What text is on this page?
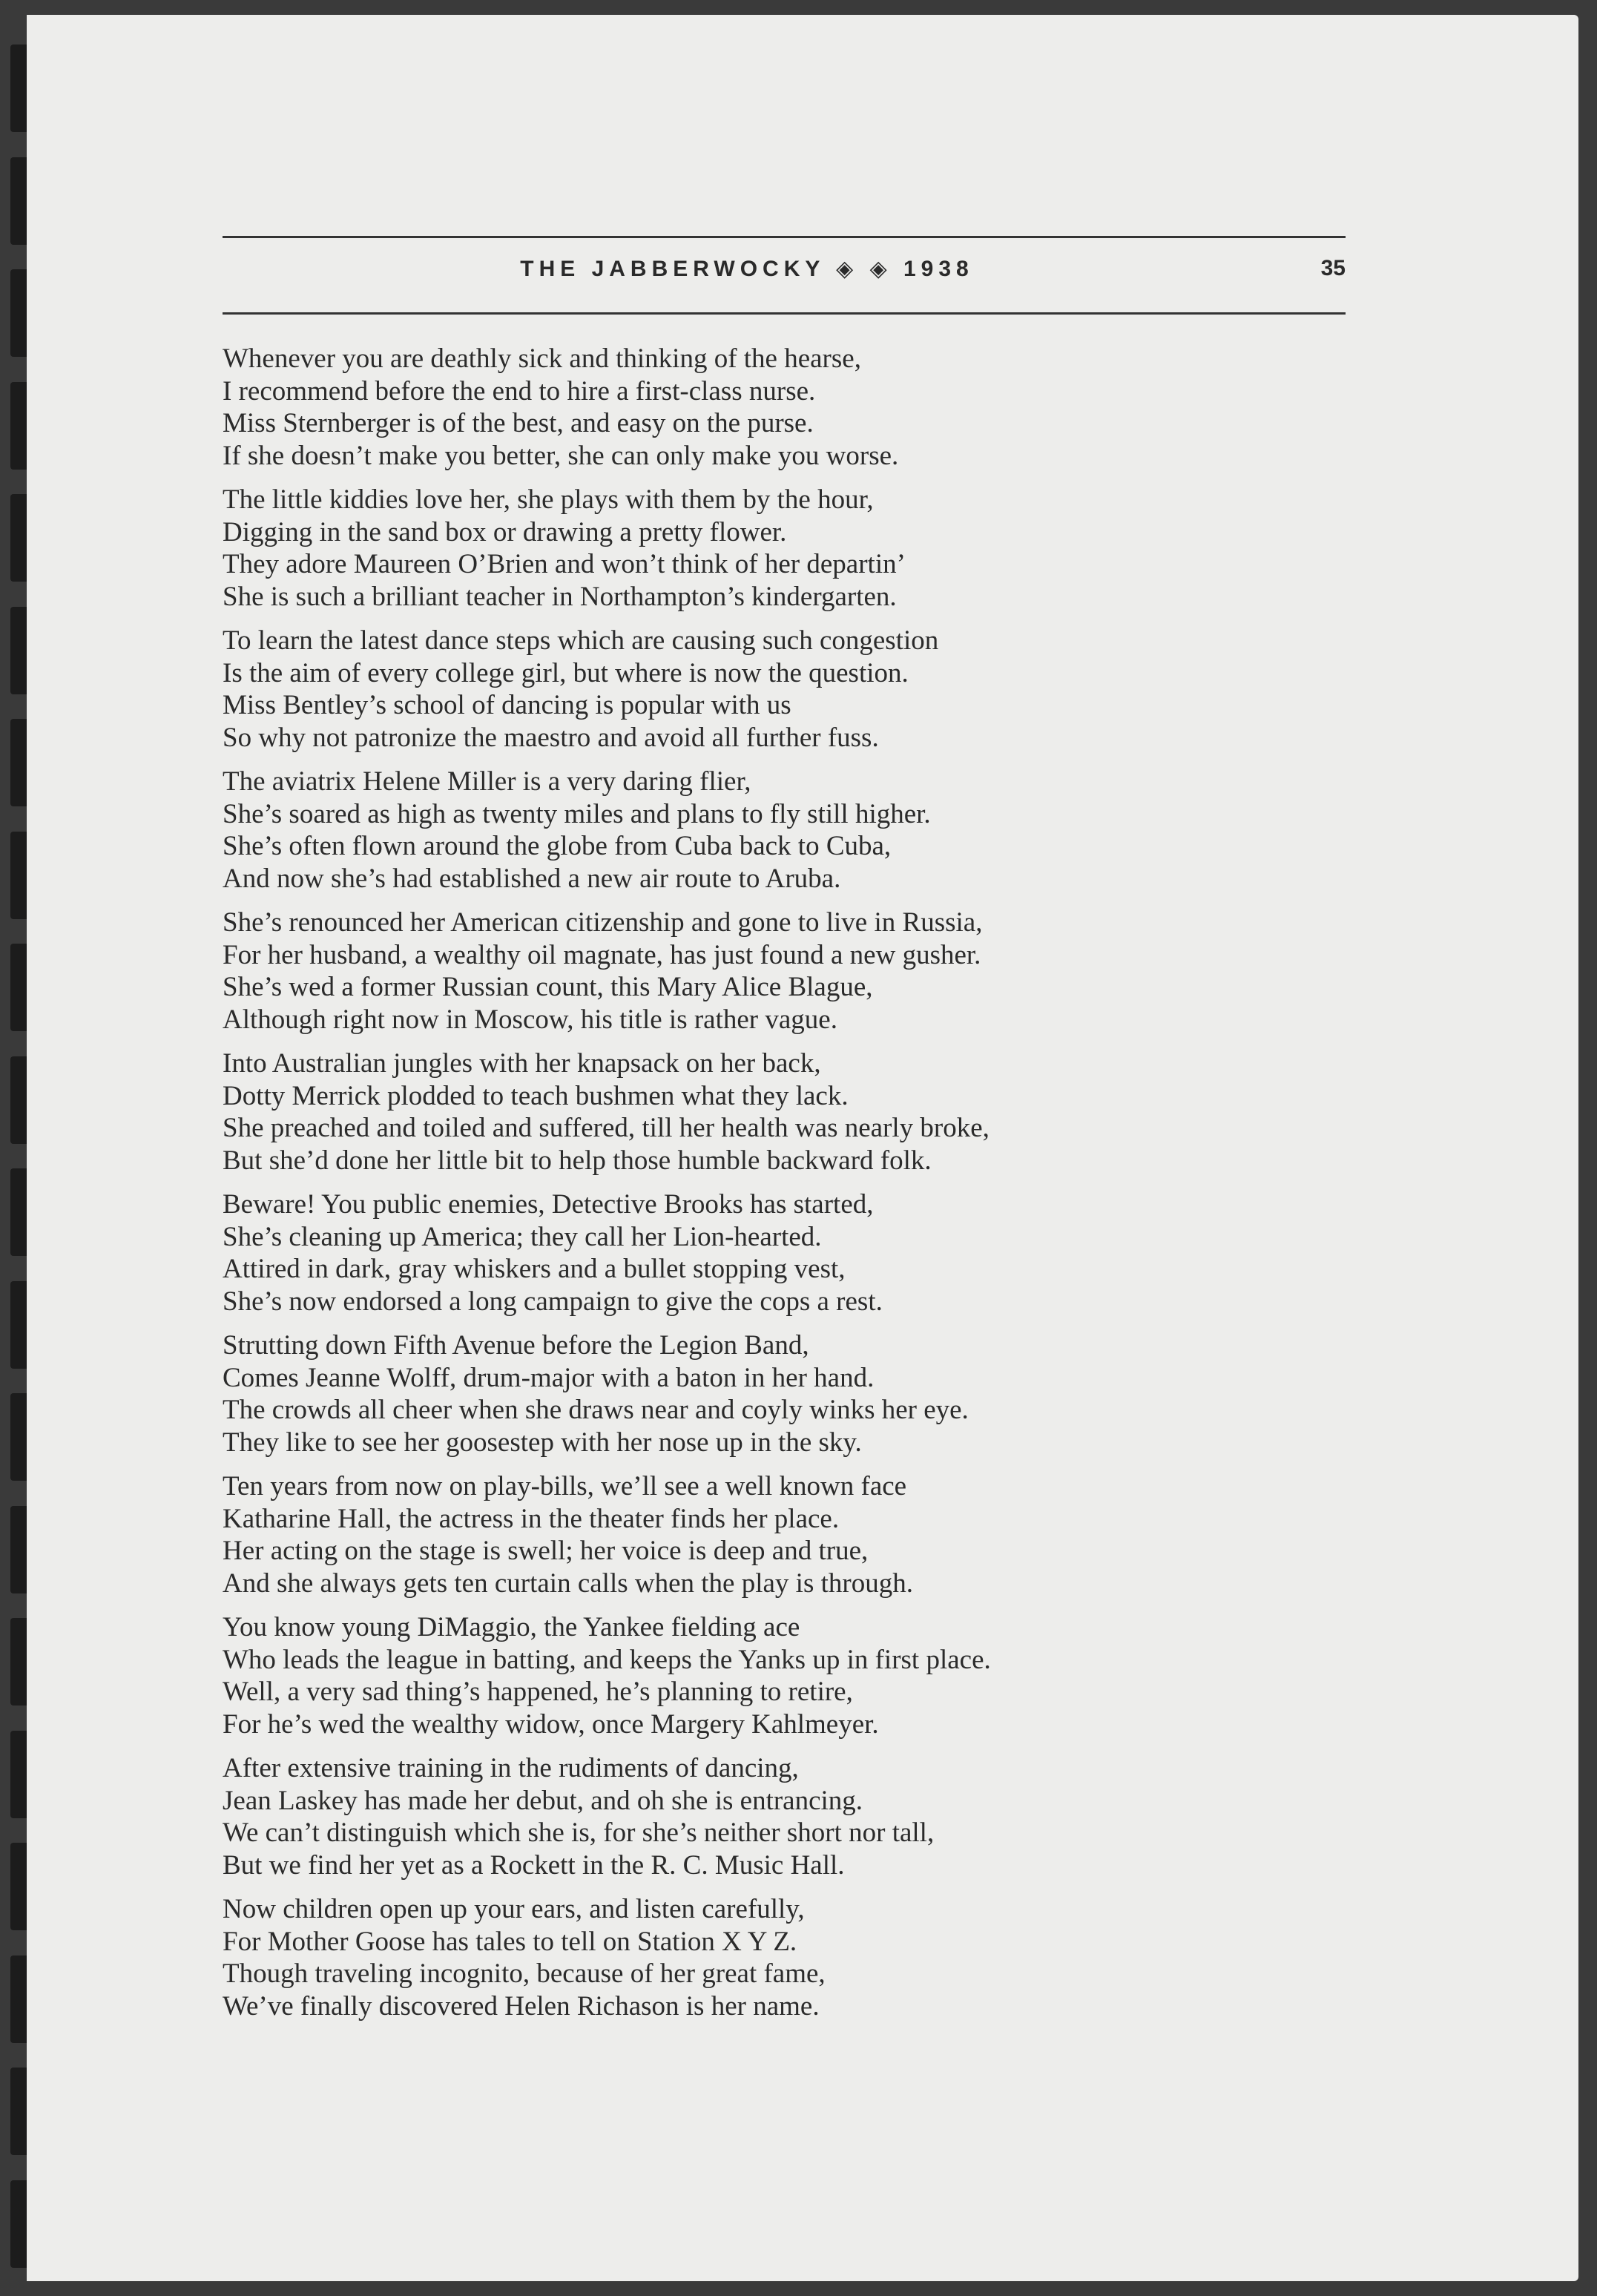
THE JABBERWOCKY ◈ ◈ 1938	35
Whenever you are deathly sick and thinking of the hearse,
I recommend before the end to hire a first-class nurse.
Miss Sternberger is of the best, and easy on the purse.
If she doesn’t make you better, she can only make you worse.
The little kiddies love her, she plays with them by the hour,
Digging in the sand box or drawing a pretty flower.
They adore Maureen O’Brien and won’t think of her departin’
She is such a brilliant teacher in Northampton’s kindergarten.
To learn the latest dance steps which are causing such congestion
Is the aim of every college girl, but where is now the question.
Miss Bentley’s school of dancing is popular with us
So why not patronize the maestro and avoid all further fuss.
The aviatrix Helene Miller is a very daring flier,
She’s soared as high as twenty miles and plans to fly still higher.
She’s often flown around the globe from Cuba back to Cuba,
And now she’s had established a new air route to Aruba.
She’s renounced her American citizenship and gone to live in Russia,
For her husband, a wealthy oil magnate, has just found a new gusher.
She’s wed a former Russian count, this Mary Alice Blague,
Although right now in Moscow, his title is rather vague.
Into Australian jungles with her knapsack on her back,
Dotty Merrick plodded to teach bushmen what they lack.
She preached and toiled and suffered, till her health was nearly broke,
But she’d done her little bit to help those humble backward folk.
Beware! You public enemies, Detective Brooks has started,
She’s cleaning up America; they call her Lion-hearted.
Attired in dark, gray whiskers and a bullet stopping vest,
She’s now endorsed a long campaign to give the cops a rest.
Strutting down Fifth Avenue before the Legion Band,
Comes Jeanne Wolff, drum-major with a baton in her hand.
The crowds all cheer when she draws near and coyly winks her eye.
They like to see her goosestep with her nose up in the sky.
Ten years from now on play-bills, we’ll see a well known face
Katharine Hall, the actress in the theater finds her place.
Her acting on the stage is swell; her voice is deep and true,
And she always gets ten curtain calls when the play is through.
You know young DiMaggio, the Yankee fielding ace
Who leads the league in batting, and keeps the Yanks up in first place.
Well, a very sad thing’s happened, he’s planning to retire,
For he’s wed the wealthy widow, once Margery Kahlmeyer.
After extensive training in the rudiments of dancing,
Jean Laskey has made her debut, and oh she is entrancing.
We can’t distinguish which she is, for she’s neither short nor tall,
But we find her yet as a Rockett in the R. C. Music Hall.
Now children open up your ears, and listen carefully,
For Mother Goose has tales to tell on Station X Y Z.
Though traveling incognito, because of her great fame,
We’ve finally discovered Helen Richason is her name.
